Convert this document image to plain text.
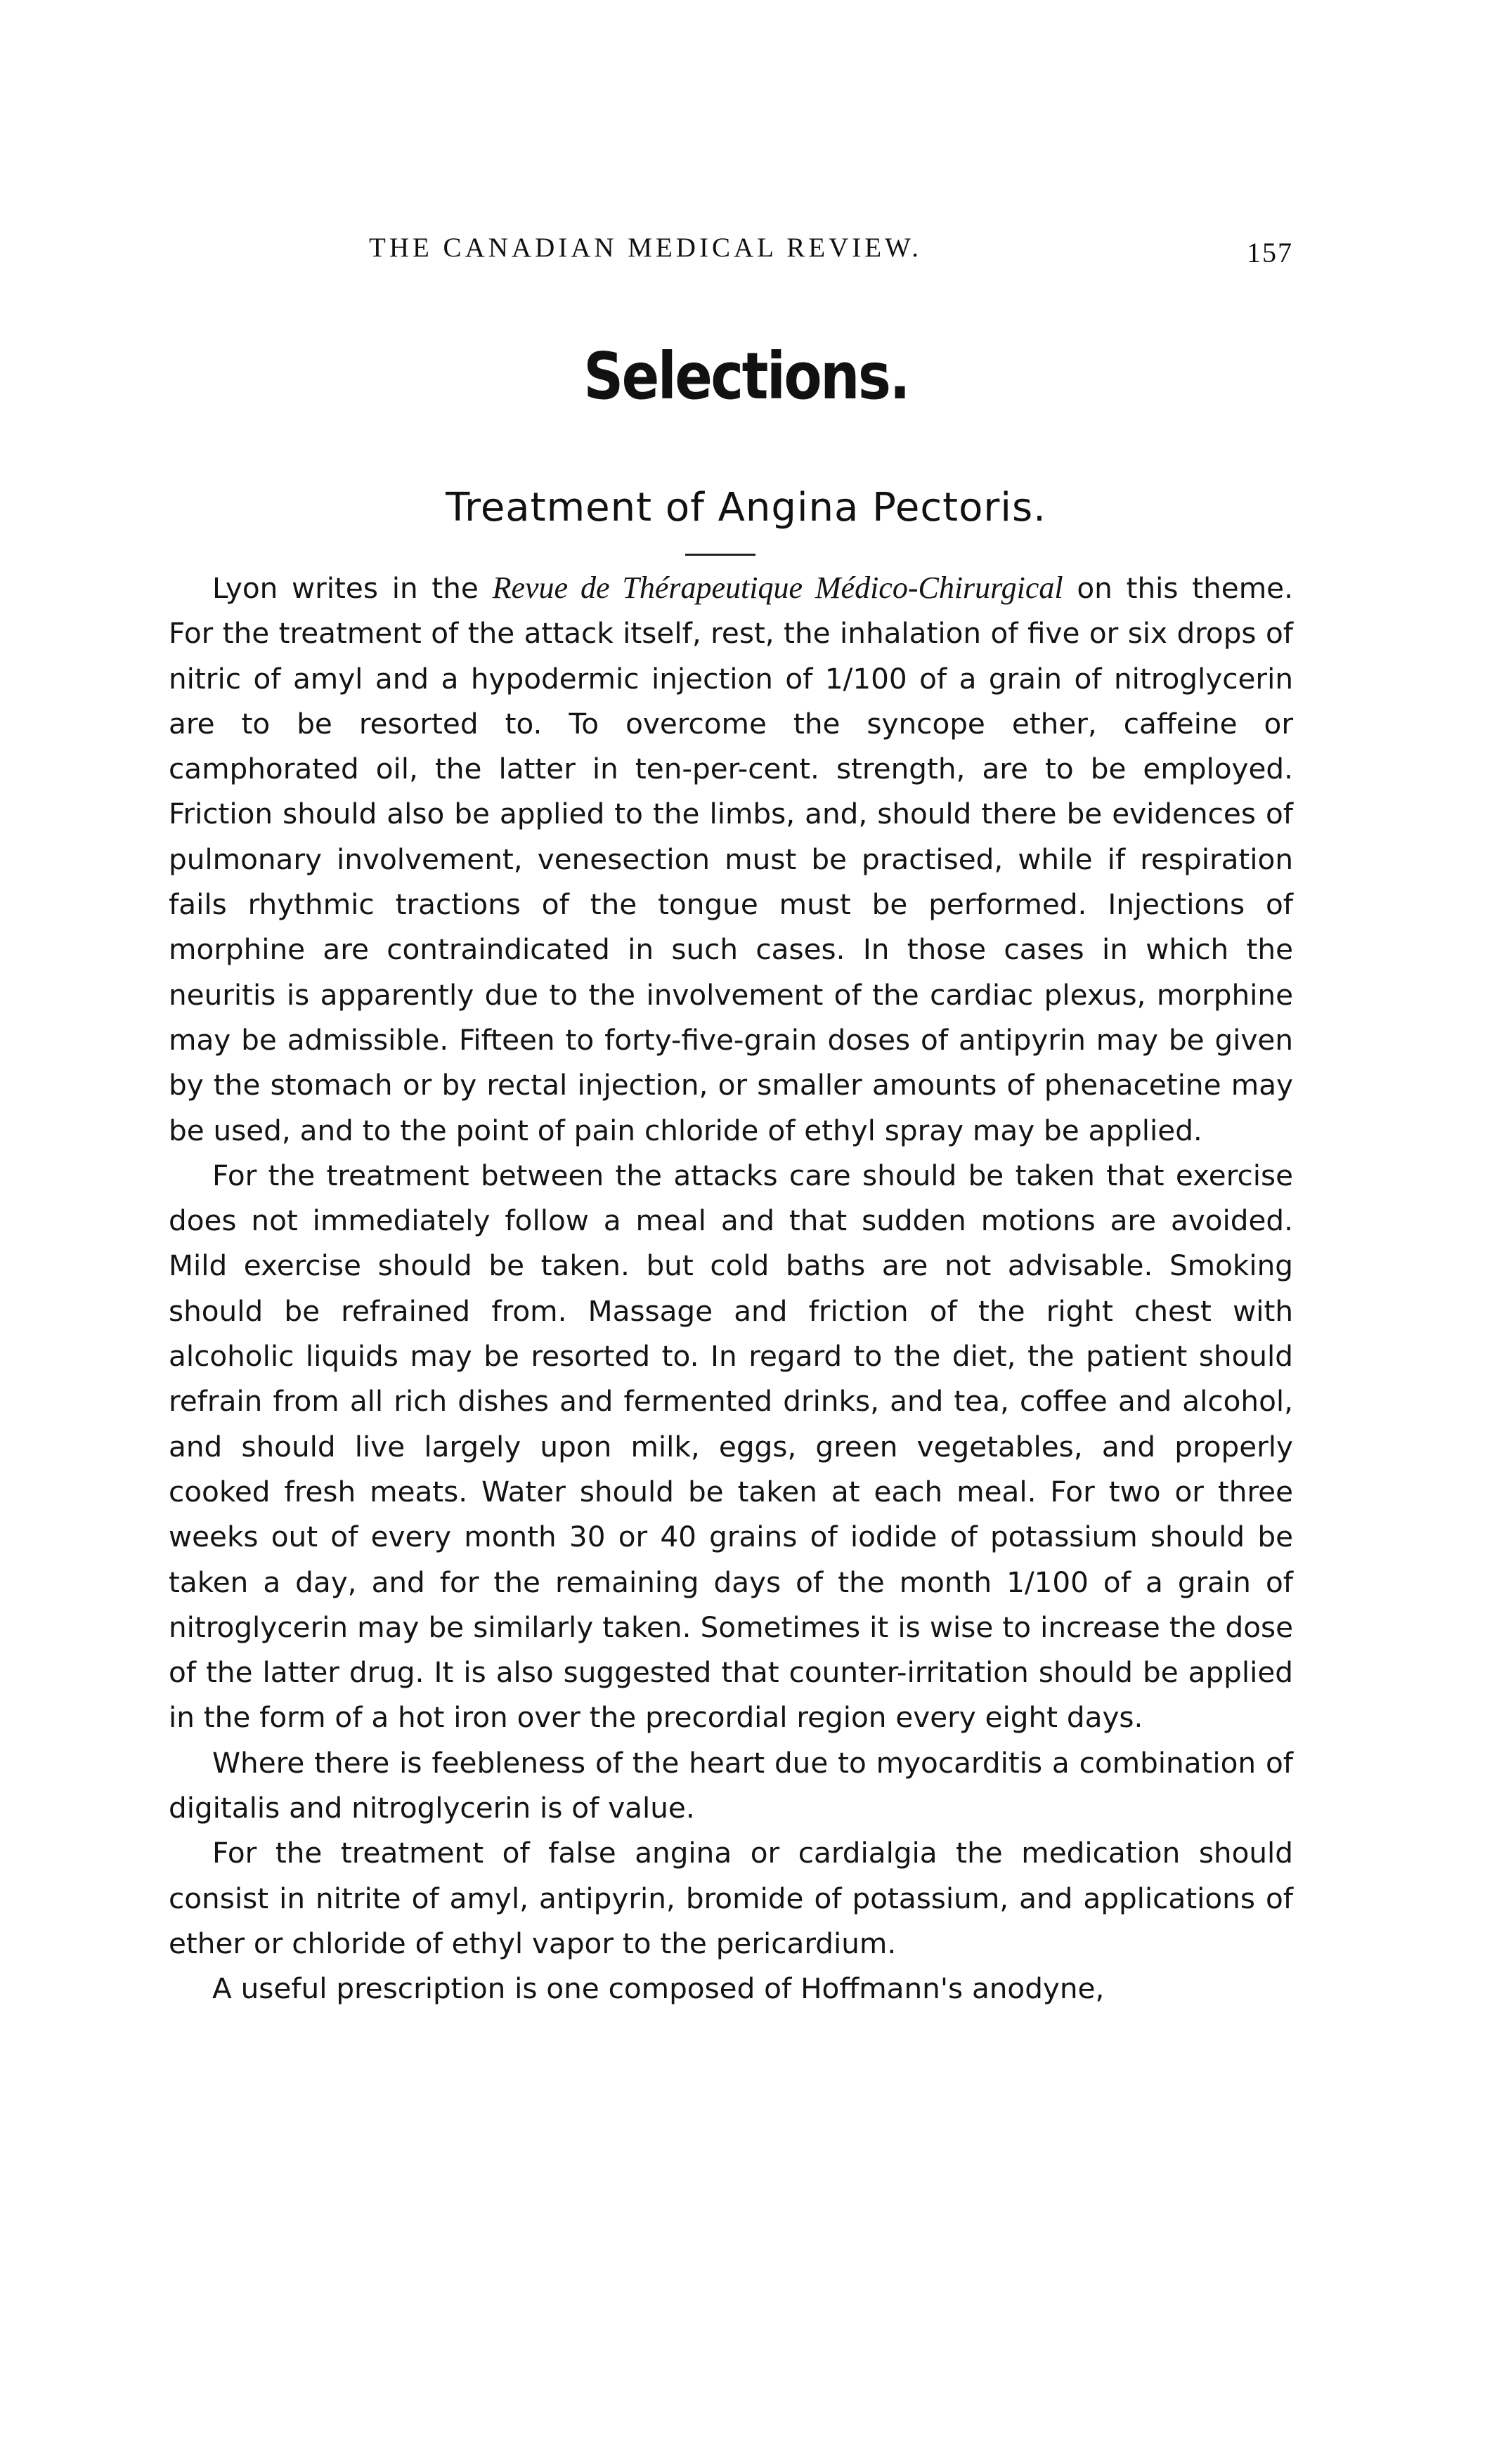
THE CANADIAN MEDICAL REVIEW.	157
Selections.
Treatment of Angina Pectoris.

Lyon writes in the Revue de Thérapeutique Médico-Chirurgical on this theme. For the treatment of the attack itself, rest, the inhalation of five or six drops of nitric of amyl and a hypodermic injection of 1/100 of a grain of nitroglycerin are to be resorted to. To overcome the syncope ether, caffeine or camphorated oil, the latter in ten-per-cent. strength, are to be employed. Friction should also be applied to the limbs, and, should there be evidences of pulmonary involvement, venesection must be practised, while if respiration fails rhythmic tractions of the tongue must be performed. Injections of morphine are contraindicated in such cases. In those cases in which the neuritis is apparently due to the involvement of the cardiac plexus, morphine may be admissible. Fifteen to forty-five-grain doses of antipyrin may be given by the stomach or by rectal injection, or smaller amounts of phenacetine may be used, and to the point of pain chloride of ethyl spray may be applied.

For the treatment between the attacks care should be taken that exercise does not immediately follow a meal and that sudden motions are avoided. Mild exercise should be taken. but cold baths are not advisable. Smoking should be refrained from. Massage and friction of the right chest with alcoholic liquids may be resorted to. In regard to the diet, the patient should refrain from all rich dishes and fermented drinks, and tea, coffee and alcohol, and should live largely upon milk, eggs, green vegetables, and properly cooked fresh meats. Water should be taken at each meal. For two or three weeks out of every month 30 or 40 grains of iodide of potassium should be taken a day, and for the remaining days of the month 1/100 of a grain of nitroglycerin may be similarly taken. Sometimes it is wise to increase the dose of the latter drug. It is also suggested that counter-irritation should be applied in the form of a hot iron over the precordial region every eight days.

Where there is feebleness of the heart due to myocarditis a combination of digitalis and nitroglycerin is of value.

For the treatment of false angina or cardialgia the medication should consist in nitrite of amyl, antipyrin, bromide of potassium, and applications of ether or chloride of ethyl vapor to the pericardium.

A useful prescription is one composed of Hoffmann's anodyne,
